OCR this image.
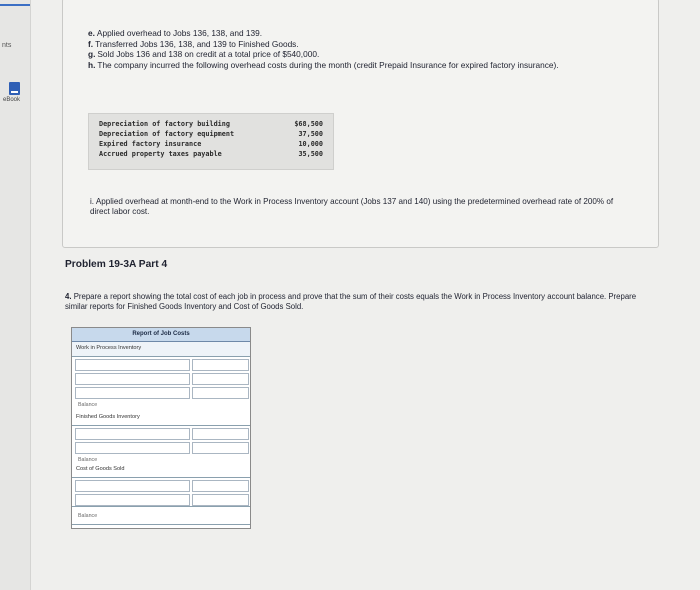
nts
eBook

e. Applied overhead to Jobs 136, 138, and 139.

f. Transferred Jobs 136, 138, and 139 to Finished Goods.

g. Sold Jobs 136 and 138 on credit at a total price of $540,000.

h. The company incurred the following overhead costs during the month (credit Prepaid Insurance for expired factory insurance).

Depreciation of factory building	$68,500
Depreciation of factory equipment	37,500
Expired factory insurance	10,000
Accrued property taxes payable	35,500
i. Applied overhead at month-end to the Work in Process Inventory account (Jobs 137 and 140) using the predetermined overhead rate of 200% of direct labor cost.
Problem 19-3A Part 4
4. Prepare a report showing the total cost of each job in process and prove that the sum of their costs equals the Work in Process Inventory account balance. Prepare similar reports for Finished Goods Inventory and Cost of Goods Sold.
Report of Job Costs
Work in Process Inventory
Balance
Finished Goods Inventory
Balance
Cost of Goods Sold
Balance
